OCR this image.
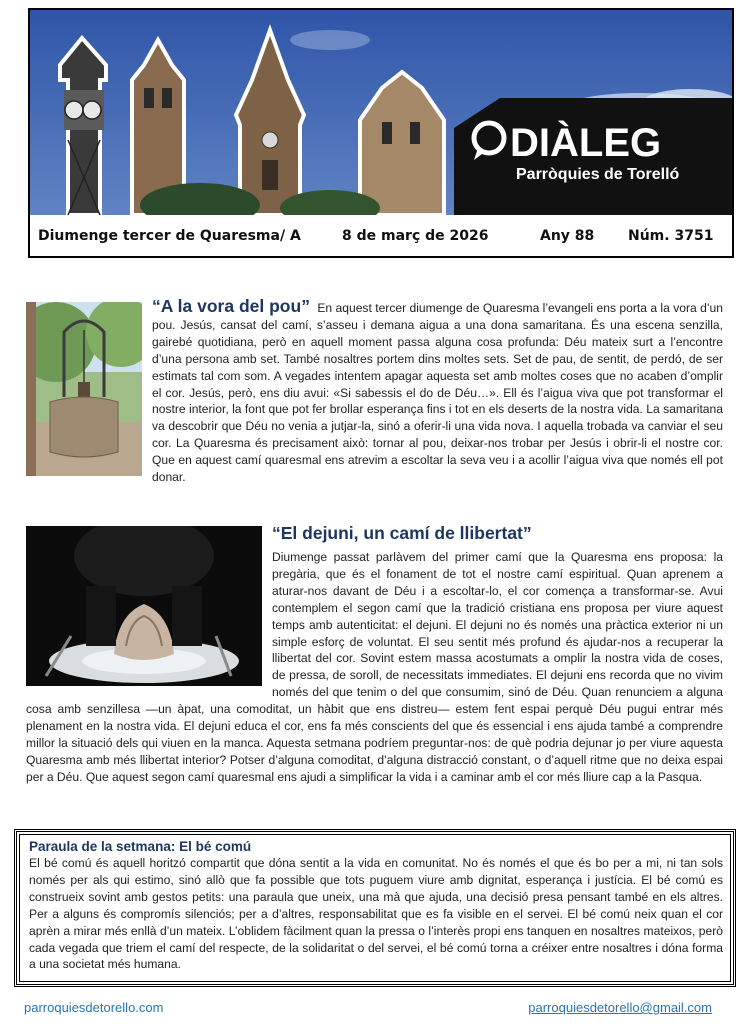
DIÀLEG
Parròquies de Torelló
Diumenge tercer de Quaresma/ A	8 de març de 2026	Any 88 Núm. 3751
“A la vora del pou” En aquest tercer diumenge de Quaresma l’evangeli ens porta a la vora d’un pou. Jesús, cansat del camí, s’asseu i demana aigua a una dona samaritana. És una escena senzilla, gairebé quotidiana, però en aquell moment passa alguna cosa profunda: Déu mateix surt a l’encontre d’una persona amb set. També nosaltres portem dins moltes sets. Set de pau, de sentit, de perdó, de ser estimats tal com som. A vegades intentem apagar aquesta set amb moltes coses que no acaben d’omplir el cor. Jesús, però, ens diu avui: «Si sabessis el do de Déu…». Ell és l’aigua viva que pot transformar el nostre interior, la font que pot fer brollar esperança fins i tot en els deserts de la nostra vida. La samaritana va descobrir que Déu no venia a jutjar-la, sinó a oferir-li una vida nova. I aquella trobada va canviar el seu cor. La Quaresma és precisament això: tornar al pou, deixar-nos trobar per Jesús i obrir-li el nostre cor. Que en aquest camí quaresmal ens atrevim a escoltar la seva veu i a acollir l’aigua viva que només ell pot donar.
“El dejuni, un camí de llibertat”
Diumenge passat parlàvem del primer camí que la Quaresma ens proposa: la pregària, que és el fonament de tot el nostre camí espiritual. Quan aprenem a aturar-nos davant de Déu i a escoltar-lo, el cor comença a transformar-se. Avui contemplem el segon camí que la tradició cristiana ens proposa per viure aquest temps amb autenticitat: el dejuni. El dejuni no és només una pràctica exterior ni un simple esforç de voluntat. El seu sentit més profund és ajudar-nos a recuperar la llibertat del cor. Sovint estem massa acostumats a omplir la nostra vida de coses, de pressa, de soroll, de necessitats immediates. El dejuni ens recorda que no vivim només del que tenim o del que consumim, sinó de Déu. Quan renunciem a alguna cosa amb senzillesa —un àpat, una comoditat, un hàbit que ens distreu— estem fent espai perquè Déu pugui entrar més plenament en la nostra vida. El dejuni educa el cor, ens fa més conscients del que és essencial i ens ajuda també a comprendre millor la situació dels qui viuen en la manca. Aquesta setmana podríem preguntar-nos: de què podria dejunar jo per viure aquesta Quaresma amb més llibertat interior? Potser d’alguna comoditat, d’alguna distracció constant, o d’aquell ritme que no deixa espai per a Déu. Que aquest segon camí quaresmal ens ajudi a simplificar la vida i a caminar amb el cor més lliure cap a la Pasqua.
Paraula de la setmana: El bé comú
El bé comú és aquell horitzó compartit que dóna sentit a la vida en comunitat. No és només el que és bo per a mi, ni tan sols només per als qui estimo, sinó allò que fa possible que tots puguem viure amb dignitat, esperança i justícia. El bé comú es construeix sovint amb gestos petits: una paraula que uneix, una mà que ajuda, una decisió presa pensant també en els altres. Per a alguns és compromís silenciós; per a d’altres, responsabilitat que es fa visible en el servei. El bé comú neix quan el cor aprèn a mirar més enllà d’un mateix. L’oblidem fàcilment quan la pressa o l’interès propi ens tanquen en nosaltres mateixos, però cada vegada que triem el camí del respecte, de la solidaritat o del servei, el bé comú torna a créixer entre nosaltres i dóna forma a una societat més humana.
parroquiesdetorello.com	parroquiesdetorello@gmail.com
